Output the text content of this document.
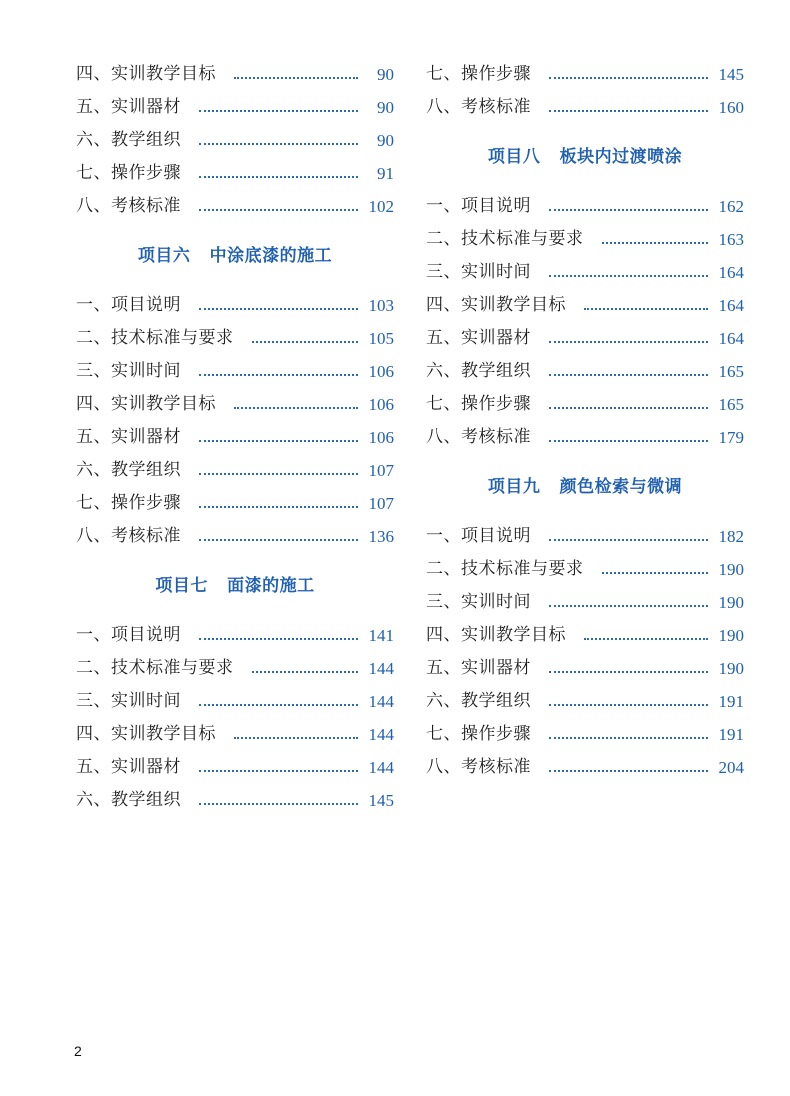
四、实训教学目标	90
五、实训器材	90
六、教学组织	90
七、操作步骤	91
八、考核标准	102
项目六   中涂底漆的施工
一、项目说明	103
二、技术标准与要求	105
三、实训时间	106
四、实训教学目标	106
五、实训器材	106
六、教学组织	107
七、操作步骤	107
八、考核标准	136
项目七   面漆的施工
一、项目说明	141
二、技术标准与要求	144
三、实训时间	144
四、实训教学目标	144
五、实训器材	144
六、教学组织	145
七、操作步骤	145
八、考核标准	160
项目八   板块内过渡喷涂
一、项目说明	162
二、技术标准与要求	163
三、实训时间	164
四、实训教学目标	164
五、实训器材	164
六、教学组织	165
七、操作步骤	165
八、考核标准	179
项目九   颜色检索与微调
一、项目说明	182
二、技术标准与要求	190
三、实训时间	190
四、实训教学目标	190
五、实训器材	190
六、教学组织	191
七、操作步骤	191
八、考核标准	204
2
